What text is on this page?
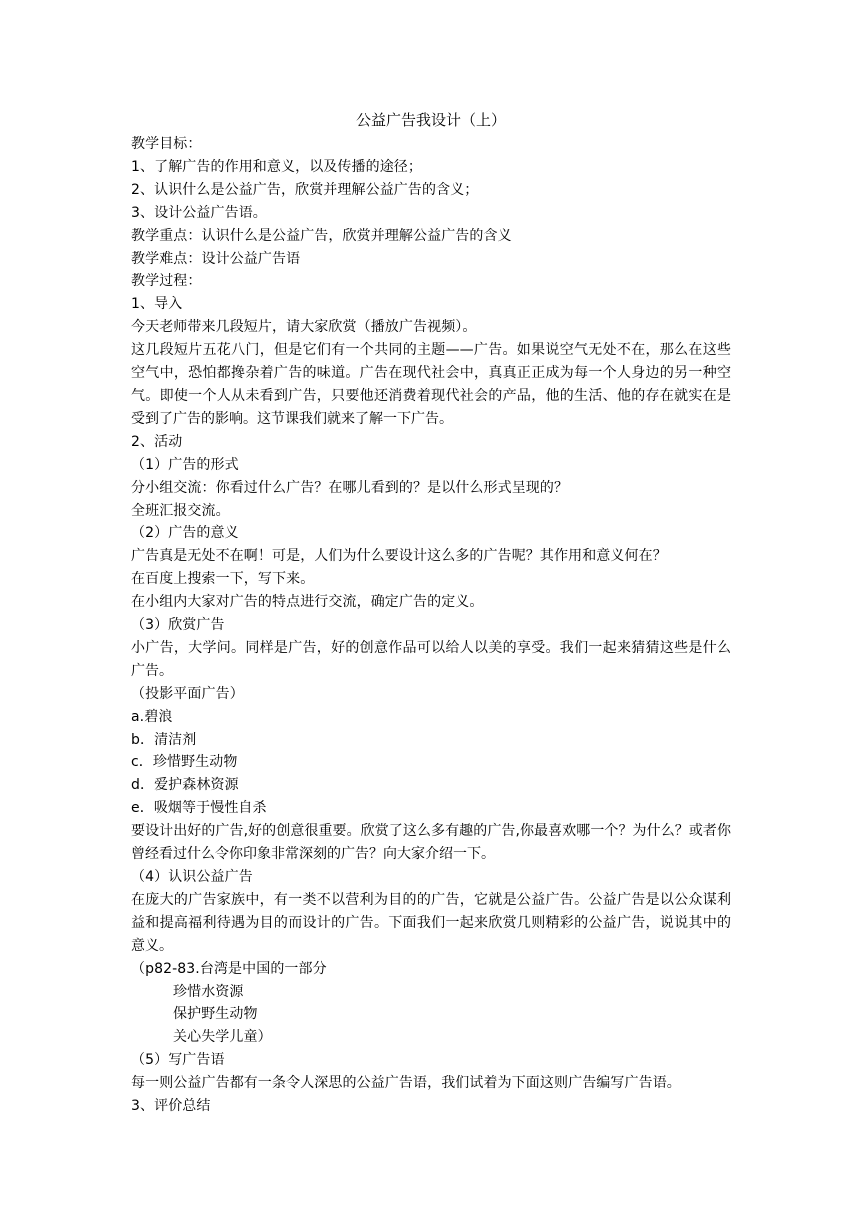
公益广告我设计（上）

教学目标：

1、了解广告的作用和意义，以及传播的途径；

2、认识什么是公益广告，欣赏并理解公益广告的含义；

3、设计公益广告语。

教学重点：认识什么是公益广告，欣赏并理解公益广告的含义

教学难点：设计公益广告语

教学过程：

1、导入

今天老师带来几段短片，请大家欣赏（播放广告视频）。

这几段短片五花八门，但是它们有一个共同的主题——广告。如果说空气无处不在，那么在这些空气中，恐怕都搀杂着广告的味道。广告在现代社会中，真真正正成为每一个人身边的另一种空气。即使一个人从未看到广告，只要他还消费着现代社会的产品，他的生活、他的存在就实在是受到了广告的影响。这节课我们就来了解一下广告。

2、活动

（1）广告的形式

分小组交流：你看过什么广告？在哪儿看到的？是以什么形式呈现的？

全班汇报交流。

（2）广告的意义

广告真是无处不在啊！可是，人们为什么要设计这么多的广告呢？其作用和意义何在？

在百度上搜索一下，写下来。

在小组内大家对广告的特点进行交流，确定广告的定义。

（3）欣赏广告

小广告，大学问。同样是广告，好的创意作品可以给人以美的享受。我们一起来猜猜这些是什么广告。

（投影平面广告）

a.碧浪

b．清洁剂

c．珍惜野生动物

d．爱护森林资源

e．吸烟等于慢性自杀

要设计出好的广告,好的创意很重要。欣赏了这么多有趣的广告,你最喜欢哪一个？为什么？或者你曾经看过什么令你印象非常深刻的广告？向大家介绍一下。

（4）认识公益广告

在庞大的广告家族中，有一类不以营利为目的的广告，它就是公益广告。公益广告是以公众谋利益和提高福利待遇为目的而设计的广告。下面我们一起来欣赏几则精彩的公益广告，说说其中的意义。

（p82-83.台湾是中国的一部分

珍惜水资源

保护野生动物

关心失学儿童）

（5）写广告语

每一则公益广告都有一条令人深思的公益广告语，我们试着为下面这则广告编写广告语。

3、评价总结
